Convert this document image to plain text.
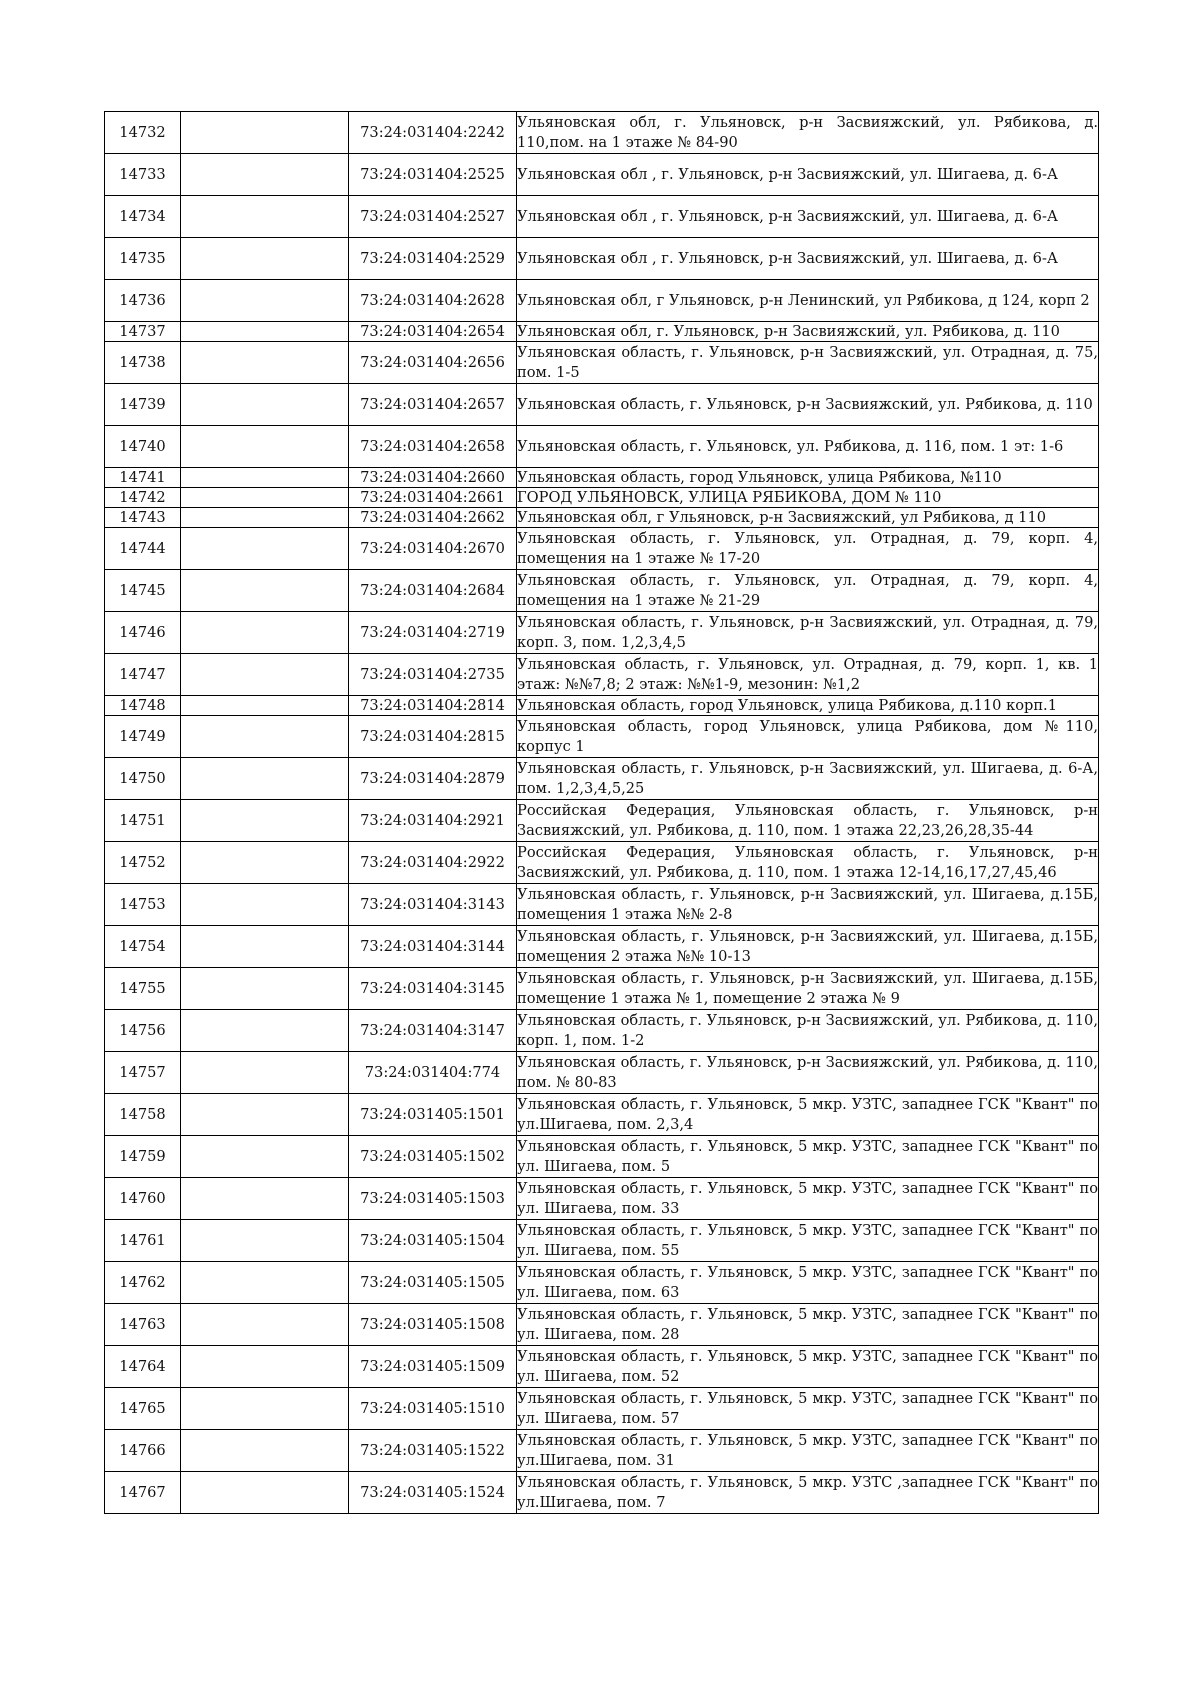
14732		73:24:031404:2242	Ульяновская обл, г. Ульяновск, р-н Засвияжский, ул. Рябикова, д. 110,пом. на 1 этаже № 84-90
14733		73:24:031404:2525	Ульяновская обл , г. Ульяновск, р-н Засвияжский, ул. Шигаева, д. 6-А
14734		73:24:031404:2527	Ульяновская обл , г. Ульяновск, р-н Засвияжский, ул. Шигаева, д. 6-А
14735		73:24:031404:2529	Ульяновская обл , г. Ульяновск, р-н Засвияжский, ул. Шигаева, д. 6-А
14736		73:24:031404:2628	Ульяновская обл, г Ульяновск, р-н Ленинский, ул Рябикова, д 124, корп 2
14737		73:24:031404:2654	Ульяновская обл, г. Ульяновск, р-н Засвияжский, ул. Рябикова, д. 110
14738		73:24:031404:2656	Ульяновская область, г. Ульяновск, р-н Засвияжский, ул. Отрадная, д. 75, пом. 1-5
14739		73:24:031404:2657	Ульяновская область, г. Ульяновск, р-н Засвияжский, ул. Рябикова, д. 110
14740		73:24:031404:2658	Ульяновская область, г. Ульяновск, ул. Рябикова, д. 116, пом. 1 эт: 1-6
14741		73:24:031404:2660	Ульяновская область, город Ульяновск, улица Рябикова, №110
14742		73:24:031404:2661	ГОРОД УЛЬЯНОВСК, УЛИЦА РЯБИКОВА, ДОМ № 110
14743		73:24:031404:2662	Ульяновская обл, г Ульяновск, р-н Засвияжский, ул Рябикова, д 110
14744		73:24:031404:2670	Ульяновская область, г. Ульяновск, ул. Отрадная, д. 79, корп. 4, помещения на 1 этаже № 17-20
14745		73:24:031404:2684	Ульяновская область, г. Ульяновск, ул. Отрадная, д. 79, корп. 4, помещения на 1 этаже № 21-29
14746		73:24:031404:2719	Ульяновская область, г. Ульяновск, р-н Засвияжский, ул. Отрадная, д. 79, корп. 3, пом. 1,2,3,4,5
14747		73:24:031404:2735	Ульяновская область, г. Ульяновск, ул. Отрадная, д. 79, корп. 1, кв. 1 этаж: №№7,8; 2 этаж: №№1-9, мезонин: №1,2
14748		73:24:031404:2814	Ульяновская область, город Ульяновск, улица Рябикова, д.110 корп.1
14749		73:24:031404:2815	Ульяновская область, город Ульяновск, улица Рябикова, дом №110, корпус 1
14750		73:24:031404:2879	Ульяновская область, г. Ульяновск, р-н Засвияжский, ул. Шигаева, д. 6-А, пом. 1,2,3,4,5,25
14751		73:24:031404:2921	Российская Федерация, Ульяновская область, г. Ульяновск, р-н Засвияжский, ул. Рябикова, д. 110, пом. 1 этажа 22,23,26,28,35-44
14752		73:24:031404:2922	Российская Федерация, Ульяновская область, г. Ульяновск, р-н Засвияжский, ул. Рябикова, д. 110, пом. 1 этажа 12-14,16,17,27,45,46
14753		73:24:031404:3143	Ульяновская область, г. Ульяновск, р-н Засвияжский, ул. Шигаева, д.15Б, помещения 1 этажа №№ 2-8
14754		73:24:031404:3144	Ульяновская область, г. Ульяновск, р-н Засвияжский, ул. Шигаева, д.15Б, помещения 2 этажа №№ 10-13
14755		73:24:031404:3145	Ульяновская область, г. Ульяновск, р-н Засвияжский, ул. Шигаева, д.15Б, помещение 1 этажа № 1, помещение 2 этажа № 9
14756		73:24:031404:3147	Ульяновская область, г. Ульяновск, р-н Засвияжский, ул. Рябикова, д. 110, корп. 1, пом. 1-2
14757		73:24:031404:774	Ульяновская область, г. Ульяновск, р-н Засвияжский, ул. Рябикова, д. 110, пом. № 80-83
14758		73:24:031405:1501	Ульяновская область, г. Ульяновск, 5 мкр. УЗТС, западнее ГСК "Квант" по ул.Шигаева, пом. 2,3,4
14759		73:24:031405:1502	Ульяновская область, г. Ульяновск, 5 мкр. УЗТС, западнее ГСК "Квант" по ул. Шигаева, пом. 5
14760		73:24:031405:1503	Ульяновская область, г. Ульяновск, 5 мкр. УЗТС, западнее ГСК "Квант" по ул. Шигаева, пом. 33
14761		73:24:031405:1504	Ульяновская область, г. Ульяновск, 5 мкр. УЗТС, западнее ГСК "Квант" по ул. Шигаева, пом. 55
14762		73:24:031405:1505	Ульяновская область, г. Ульяновск, 5 мкр. УЗТС, западнее ГСК "Квант" по ул. Шигаева, пом. 63
14763		73:24:031405:1508	Ульяновская область, г. Ульяновск, 5 мкр. УЗТС, западнее ГСК "Квант" по ул. Шигаева, пом. 28
14764		73:24:031405:1509	Ульяновская область, г. Ульяновск, 5 мкр. УЗТС, западнее ГСК "Квант" по ул. Шигаева, пом. 52
14765		73:24:031405:1510	Ульяновская область, г. Ульяновск, 5 мкр. УЗТС, западнее ГСК "Квант" по ул. Шигаева, пом. 57
14766		73:24:031405:1522	Ульяновская область, г. Ульяновск, 5 мкр. УЗТС, западнее ГСК "Квант" по ул.Шигаева, пом. 31
14767		73:24:031405:1524	Ульяновская область, г. Ульяновск, 5 мкр. УЗТС ,западнее ГСК "Квант" по ул.Шигаева, пом. 7
